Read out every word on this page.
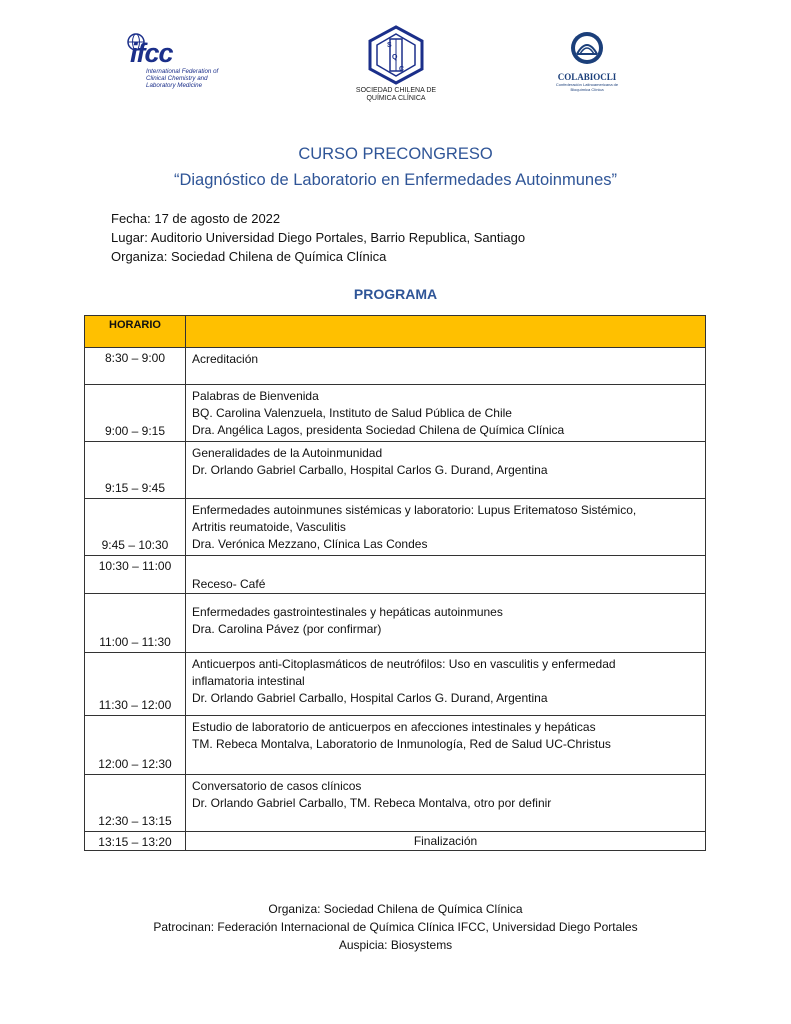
ifcc
International Federation of Clinical Chemistry and Laboratory Medicine
S
Q
C
SOCIEDAD CHILENA DE
QUÍMICA CLÍNICA
COLABIOCLI
Confederación Latinoamericana de Bioquímica Clínica
CURSO PRECONGRESO
“Diagnóstico de Laboratorio en Enfermedades Autoinmunes”
Fecha: 17 de agosto de 2022
Lugar: Auditorio Universidad Diego Portales, Barrio Republica, Santiago
Organiza: Sociedad Chilena de Química Clínica
PROGRAMA
HORARIO	
8:30 – 9:00	Acreditación

9:00 – 9:15	Palabras de Bienvenida
BQ. Carolina Valenzuela, Instituto de Salud Pública de Chile
Dra. Angélica Lagos, presidenta Sociedad Chilena de Química Clínica

9:15 – 9:45	Generalidades de la Autoinmunidad
Dr. Orlando Gabriel Carballo, Hospital Carlos G. Durand, Argentina

9:45 – 10:30	Enfermedades autoinmunes sistémicas y laboratorio: Lupus Eritematoso Sistémico,
Artritis reumatoide, Vasculitis
Dra. Verónica Mezzano, Clínica Las Condes

10:30 – 11:00	Receso- Café

11:00 – 11:30	Enfermedades gastrointestinales y hepáticas autoinmunes
Dra. Carolina Pávez (por confirmar)

11:30 – 12:00	Anticuerpos anti-Citoplasmáticos de neutrófilos: Uso en vasculitis y enfermedad
inflamatoria intestinal
Dr. Orlando Gabriel Carballo, Hospital Carlos G. Durand, Argentina

12:00 – 12:30	Estudio de laboratorio de anticuerpos en afecciones intestinales y hepáticas
TM. Rebeca Montalva, Laboratorio de Inmunología, Red de Salud UC-Christus

12:30 – 13:15	Conversatorio de casos clínicos
Dr. Orlando Gabriel Carballo, TM. Rebeca Montalva, otro por definir

13:15 – 13:20	Finalización
Organiza: Sociedad Chilena de Química Clínica
Patrocinan: Federación Internacional de Química Clínica IFCC, Universidad Diego Portales
Auspicia: Biosystems
